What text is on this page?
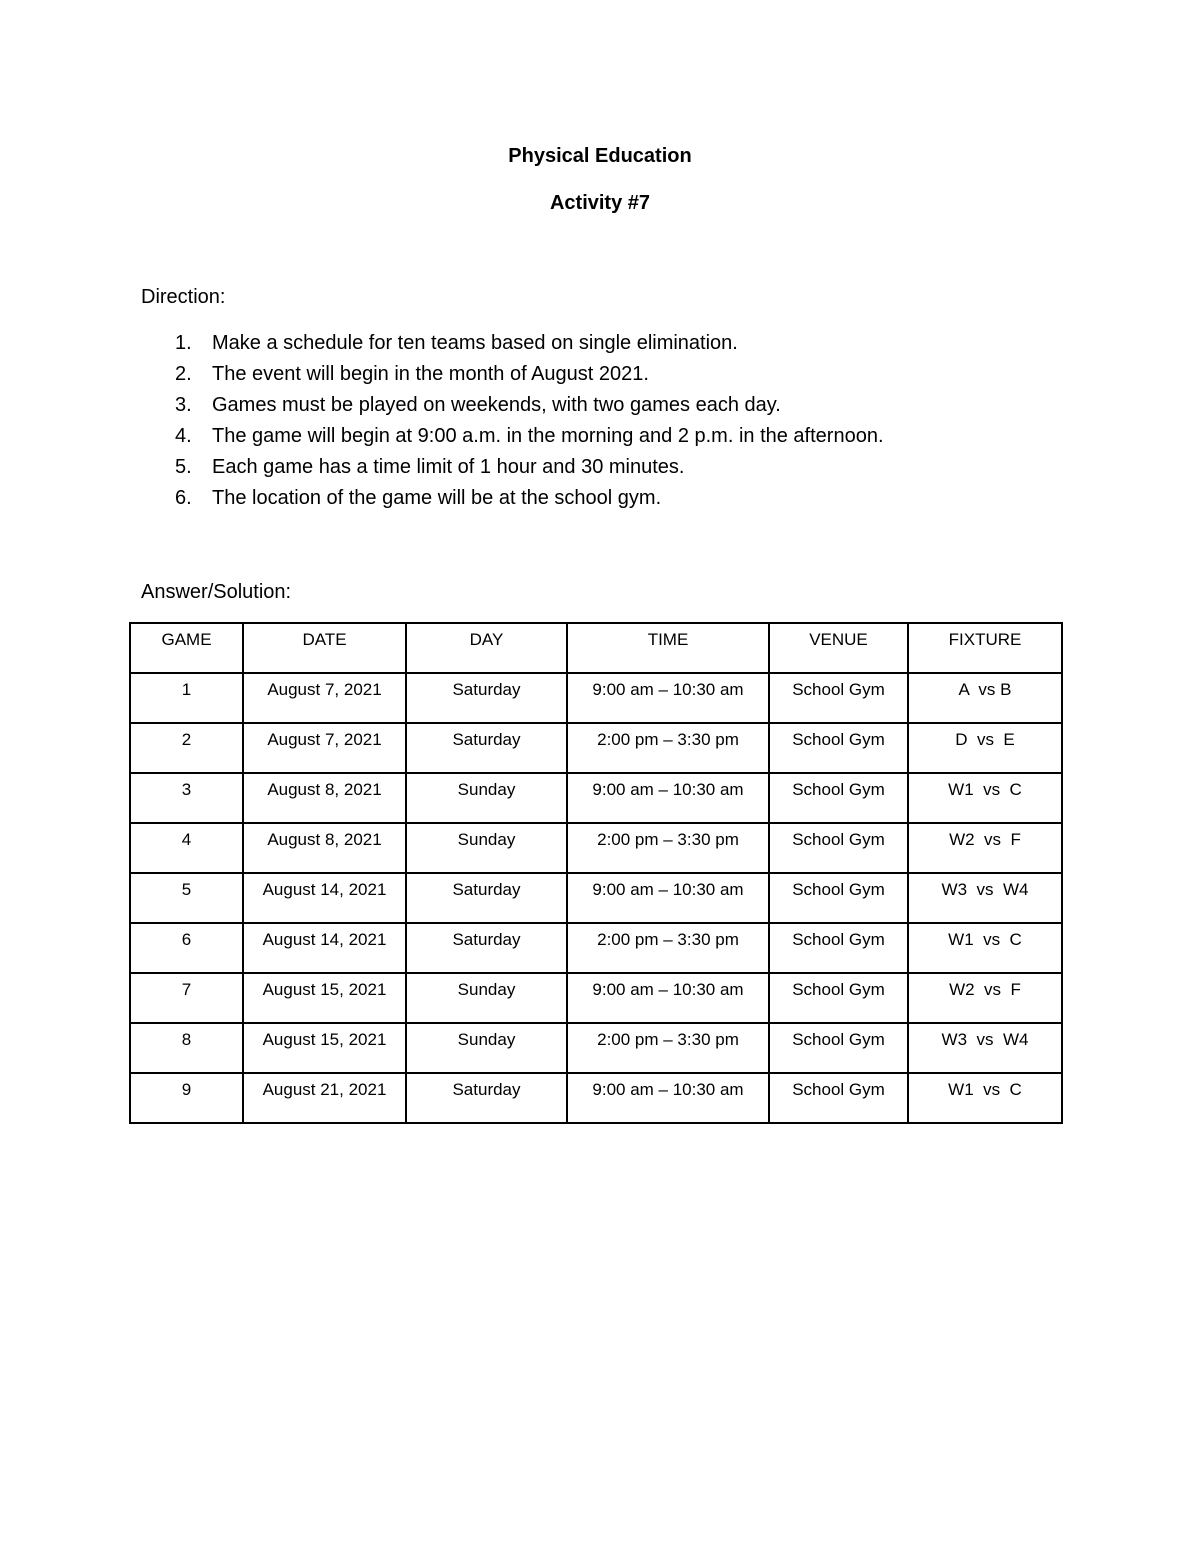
Physical Education
Activity #7
Direction:
1. Make a schedule for ten teams based on single elimination.
2. The event will begin in the month of August 2021.
3. Games must be played on weekends, with two games each day.
4. The game will begin at 9:00 a.m. in the morning and 2 p.m. in the afternoon.
5. Each game has a time limit of 1 hour and 30 minutes.
6. The location of the game will be at the school gym.
Answer/Solution:
GAME	DATE	DAY	TIME	VENUE	FIXTURE
1	August 7, 2021	Saturday	9:00 am – 10:30 am	School Gym	A  vs B
2	August 7, 2021	Saturday	2:00 pm – 3:30 pm	School Gym	D  vs  E
3	August 8, 2021	Sunday	9:00 am – 10:30 am	School Gym	W1  vs  C
4	August 8, 2021	Sunday	2:00 pm – 3:30 pm	School Gym	W2  vs  F
5	August 14, 2021	Saturday	9:00 am – 10:30 am	School Gym	W3  vs  W4
6	August 14, 2021	Saturday	2:00 pm – 3:30 pm	School Gym	W1  vs  C
7	August 15, 2021	Sunday	9:00 am – 10:30 am	School Gym	W2  vs  F
8	August 15, 2021	Sunday	2:00 pm – 3:30 pm	School Gym	W3  vs  W4
9	August 21, 2021	Saturday	9:00 am – 10:30 am	School Gym	W1  vs  C
